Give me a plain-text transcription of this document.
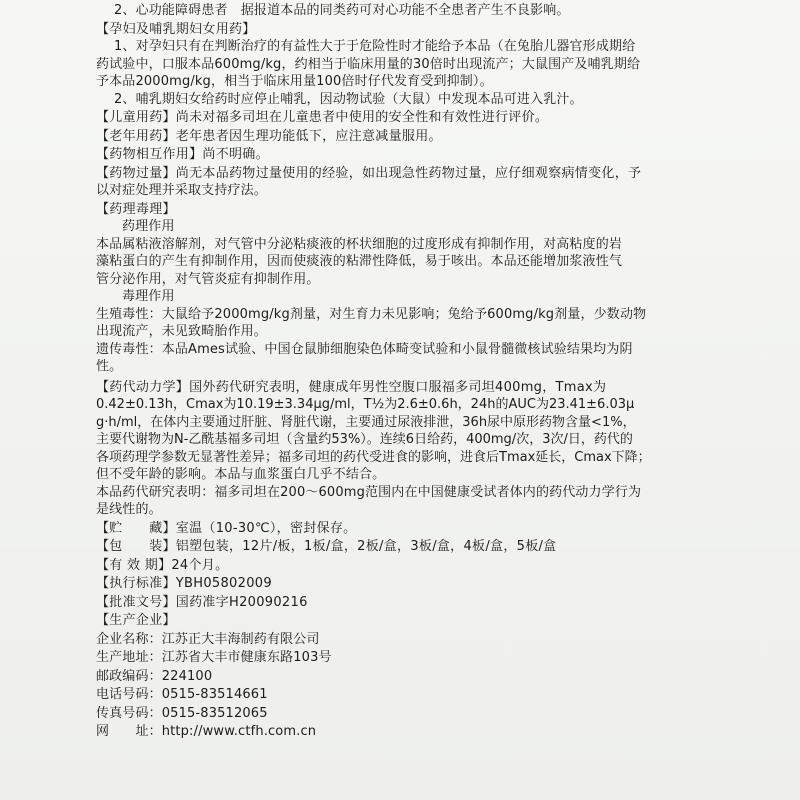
2、心功能障碍患者　据报道本品的同类药可对心功能不全患者产生不良影响。
【孕妇及哺乳期妇女用药】
1、对孕妇只有在判断治疗的有益性大于于危险性时才能给予本品（在兔胎儿器官形成期给
药试验中，口服本品600mg/kg，约相当于临床用量的30倍时出现流产；大鼠围产及哺乳期给
予本品2000mg/kg，相当于临床用量100倍时仔代发育受到抑制）。
2、哺乳期妇女给药时应停止哺乳，因动物试验（大鼠）中发现本品可进入乳汁。
【儿童用药】尚未对福多司坦在儿童患者中使用的安全性和有效性进行评价。
【老年用药】老年患者因生理功能低下，应注意减量服用。
【药物相互作用】尚不明确。
【药物过量】尚无本品药物过量使用的经验，如出现急性药物过量，应仔细观察病情变化，予
以对症处理并采取支持疗法。
【药理毒理】
药理作用
本品属粘液溶解剂，对气管中分泌粘痰液的杯状细胞的过度形成有抑制作用，对高粘度的岩
藻粘蛋白的产生有抑制作用，因而使痰液的粘滞性降低，易于咳出。本品还能增加浆液性气
管分泌作用，对气管炎症有抑制作用。
毒理作用
生殖毒性：大鼠给予2000mg/kg剂量，对生育力未见影响；兔给予600mg/kg剂量，少数动物
出现流产，未见致畸胎作用。
遗传毒性：本品Ames试验、中国仓鼠肺细胞染色体畸变试验和小鼠骨髓微核试验结果均为阴
性。
【药代动力学】国外药代研究表明，健康成年男性空腹口服福多司坦400mg，Tmax为
0.42±0.13h，Cmax为10.19±3.34μg/ml，T½为2.6±0.6h，24h的AUC为23.41±6.03μ
g·h/ml，在体内主要通过肝脏、肾脏代谢，主要通过尿液排泄，36h尿中原形药物含量<1%，
主要代谢物为N-乙酰基福多司坦（含量约53%）。连续6日给药，400mg/次，3次/日，药代的
各项药理学参数无显著性差异；福多司坦的药代受进食的影响，进食后Tmax延长，Cmax下降；
但不受年龄的影响。本品与血浆蛋白几乎不结合。
本品药代研究表明：福多司坦在200～600mg范围内在中国健康受试者体内的药代动力学行为
是线性的。
【贮　　藏】室温（10-30℃），密封保存。
【包　　装】铝塑包装，12片/板，1板/盒，2板/盒，3板/盒，4板/盒，5板/盒
【有 效 期】24个月。
【执行标准】YBH05802009
【批准文号】国药准字H20090216
【生产企业】
企业名称：江苏正大丰海制药有限公司
生产地址：江苏省大丰市健康东路103号
邮政编码：224100
电话号码：0515-83514661
传真号码：0515-83512065
网　　址：http://www.ctfh.com.cn
